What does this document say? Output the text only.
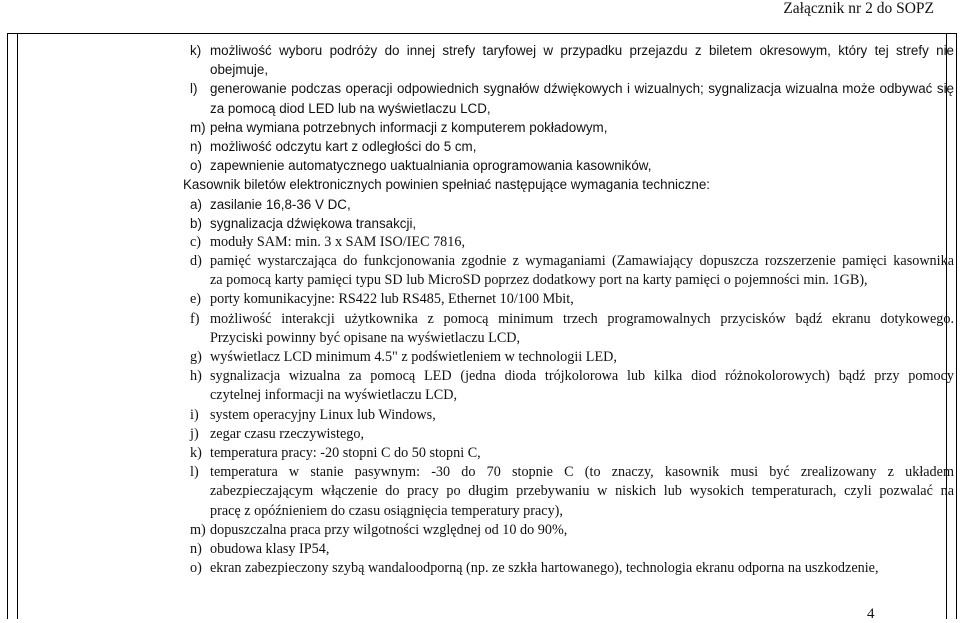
Załącznik nr 2 do SOPZ
k) możliwość wyboru podróży do innej strefy taryfowej w przypadku przejazdu z biletem okresowym, który tej strefy nie
obejmuje,
l) generowanie podczas operacji odpowiednich sygnałów dźwiękowych i wizualnych; sygnalizacja wizualna może odbywać się
za pomocą diod LED lub na wyświetlaczu LCD,
m) pełna wymiana potrzebnych informacji z komputerem pokładowym,
n) możliwość odczytu kart z odległości do 5 cm,
o) zapewnienie automatycznego uaktualniania oprogramowania kasowników,
Kasownik biletów elektronicznych powinien spełniać następujące wymagania techniczne:
a) zasilanie 16,8-36 V DC,
b) sygnalizacja dźwiękowa transakcji,
c) moduły SAM: min. 3 x SAM ISO/IEC 7816,
d) pamięć wystarczająca do funkcjonowania zgodnie z wymaganiami (Zamawiający dopuszcza rozszerzenie pamięci kasownika
za pomocą karty pamięci typu SD lub MicroSD poprzez dodatkowy port na karty pamięci o pojemności min. 1GB),
e) porty komunikacyjne: RS422 lub RS485, Ethernet 10/100 Mbit,
f) możliwość interakcji użytkownika z pomocą minimum trzech programowalnych przycisków bądź ekranu dotykowego.
Przyciski powinny być opisane na wyświetlaczu LCD,
g) wyświetlacz LCD minimum 4.5" z podświetleniem w technologii LED,
h) sygnalizacja wizualna za pomocą LED (jedna dioda trójkolorowa lub kilka diod różnokolorowych) bądź przy pomocy
czytelnej informacji na wyświetlaczu LCD,
i) system operacyjny Linux lub Windows,
j) zegar czasu rzeczywistego,
k) temperatura pracy: -20 stopni C do 50 stopni C,
l) temperatura w stanie pasywnym: -30 do 70 stopnie C (to znaczy, kasownik musi być zrealizowany z układem
zabezpieczającym włączenie do pracy po długim przebywaniu w niskich lub wysokich temperaturach, czyli pozwalać na
pracę z opóźnieniem do czasu osiągnięcia temperatury pracy),
m) dopuszczalna praca przy wilgotności względnej od 10 do 90%,
n) obudowa klasy IP54,
o) ekran zabezpieczony szybą wandaloodporną (np. ze szkła hartowanego), technologia ekranu odporna na uszkodzenie,
4
